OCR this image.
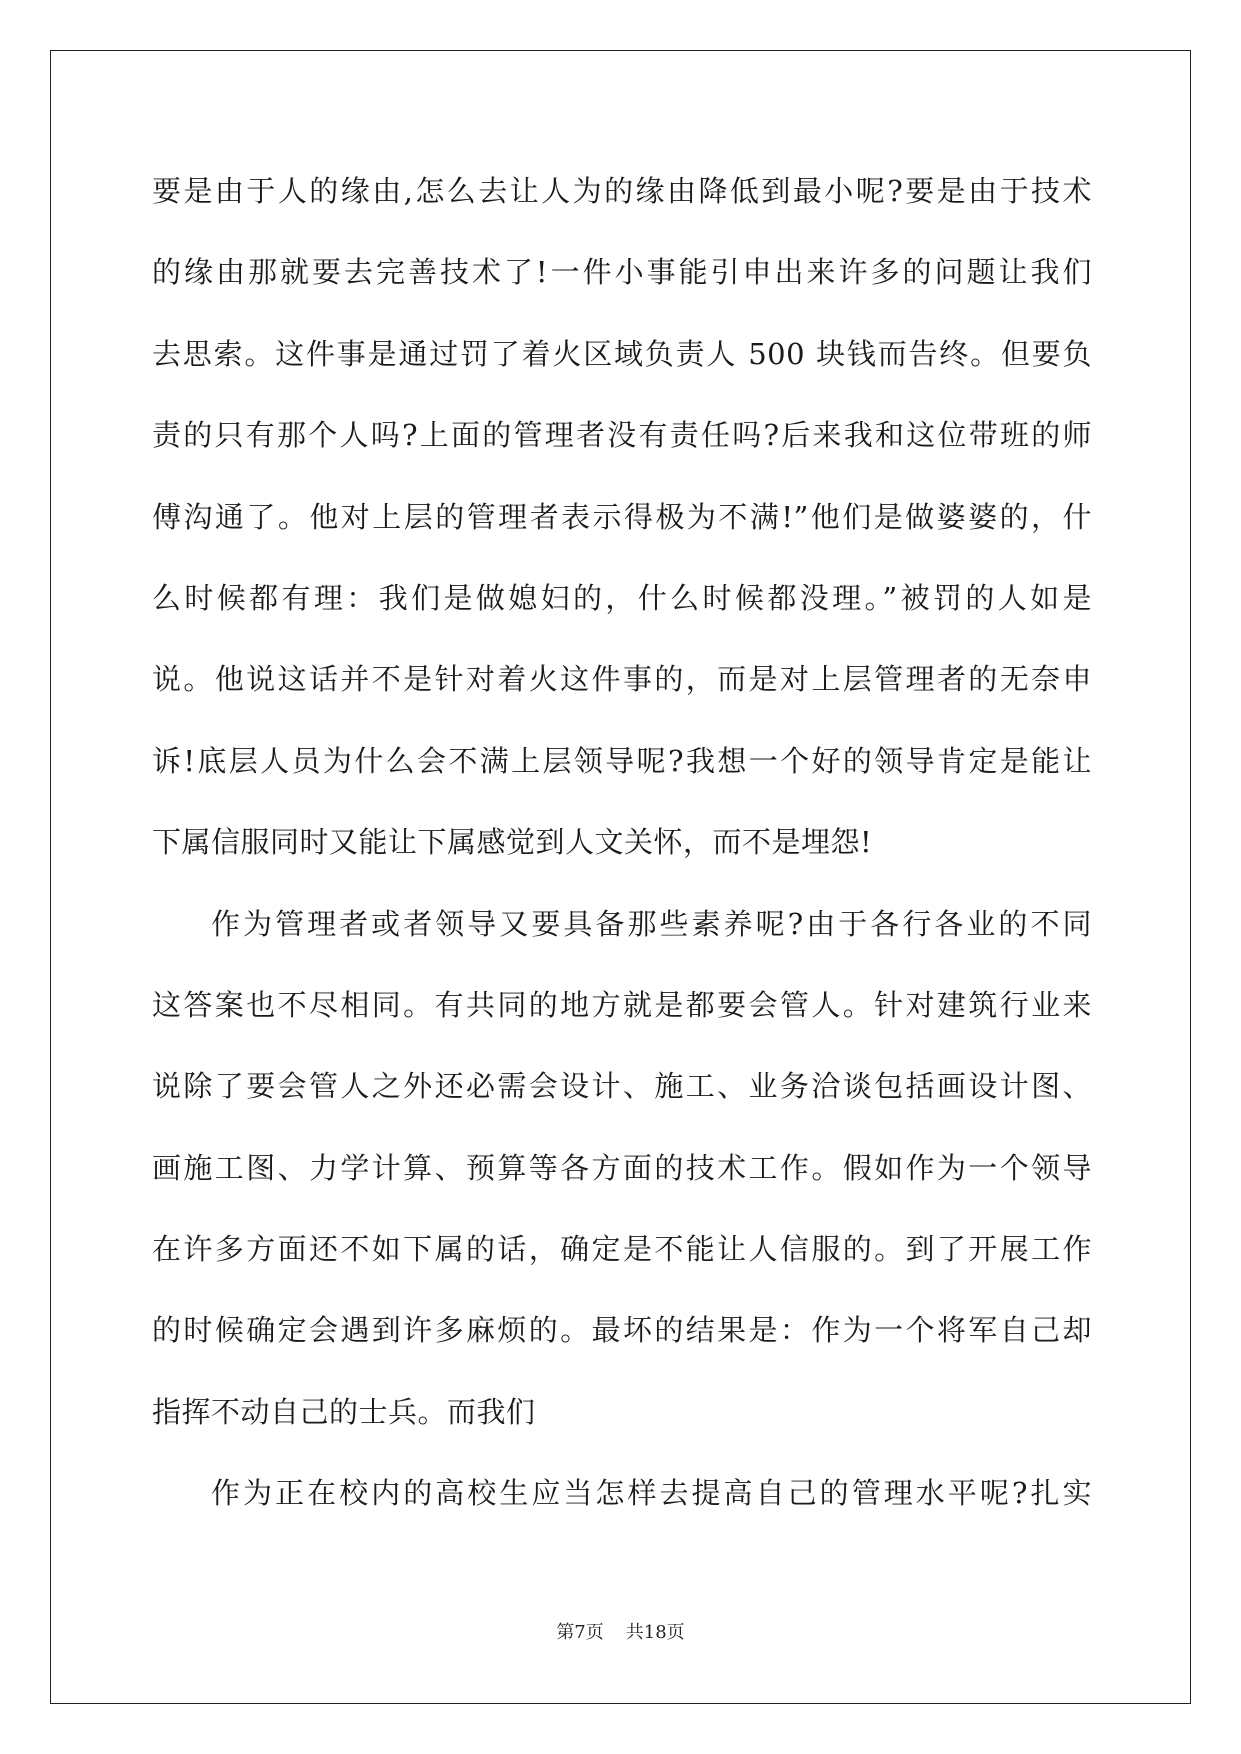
要是由于人的缘由,怎么去让人为的缘由降低到最小呢?要是由于技术
的缘由那就要去完善技术了!一件小事能引申出来许多的问题让我们
去思索。这件事是通过罚了着火区域负责人 500 块钱而告终。但要负
责的只有那个人吗?上面的管理者没有责任吗?后来我和这位带班的师
傅沟通了。他对上层的管理者表示得极为不满!”他们是做婆婆的，什
么时候都有理：我们是做媳妇的，什么时候都没理。”被罚的人如是
说。他说这话并不是针对着火这件事的，而是对上层管理者的无奈申
诉!底层人员为什么会不满上层领导呢?我想一个好的领导肯定是能让
下属信服同时又能让下属感觉到人文关怀，而不是埋怨!
作为管理者或者领导又要具备那些素养呢?由于各行各业的不同
这答案也不尽相同。有共同的地方就是都要会管人。针对建筑行业来
说除了要会管人之外还必需会设计、施工、业务洽谈包括画设计图、
画施工图、力学计算、预算等各方面的技术工作。假如作为一个领导
在许多方面还不如下属的话，确定是不能让人信服的。到了开展工作
的时候确定会遇到许多麻烦的。最坏的结果是：作为一个将军自己却
指挥不动自己的士兵。而我们
作为正在校内的高校生应当怎样去提高自己的管理水平呢?扎实
第7页 共18页
